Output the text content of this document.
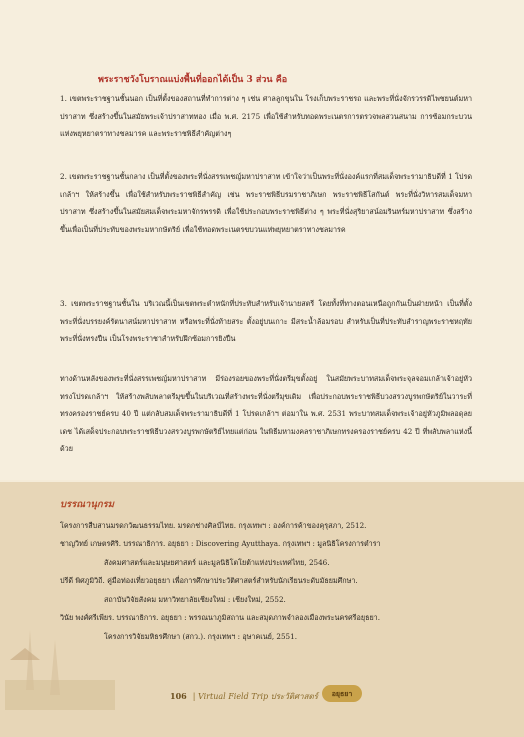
พระราชวังโบราณแบ่งพื้นที่ออกได้เป็น 3 ส่วน คือ

1. เขตพระราชฐานชั้นนอก เป็นที่ตั้งของสถานที่ทำการต่าง ๆ เช่น ศาลลูกขุนใน โรงเก็บพระราชรถ และพระที่นั่งจักรวรรดิไพชยนต์มหาปราสาท ซึ่งสร้างขึ้นในสมัยพระเจ้าปราสาททอง เมื่อ พ.ศ. 2175 เพื่อใช้สำหรับทอดพระเนตรการตรวจพลสวนสนาม การซ้อมกระบวนแห่งพยุหยาตราทางชลมารค และพระราชพิธีสำคัญต่างๆ

2. เขตพระราชฐานชั้นกลาง เป็นที่ตั้งของพระที่นั่งสรรเพชญ์มหาปราสาท เข้าใจว่าเป็นพระที่นั่งองค์แรกที่สมเด็จพระรามาธิบดีที่ 1 โปรดเกล้าฯ ให้สร้างขึ้น เพื่อใช้สำหรับพระราชพิธีสำคัญ เช่น พระราชพิธีบรมราชาภิเษก พระราชพิธีโสกันต์ พระที่นั่งวิหารสมเด็จมหาปราสาท ซึ่งสร้างขึ้นในสมัยสมเด็จพระมหาจักรพรรดิ เพื่อใช้ประกอบพระราชพิธีต่าง ๆ พระที่นั่งสุริยาสน์อมรินทร์มหาปราสาท ซึ่งสร้างขึ้นเพื่อเป็นที่ประทับของพระมหากษัตริย์ เพื่อใช้ทอดพระเนตรขบวนแห่พยุหยาตราทางชลมารค

3. เขตพระราชฐานชั้นใน บริเวณนี้เป็นเขตพระตำหนักที่ประทับสำหรับเจ้านายสตรี โดยทั้งที่ทางตอนเหนือถูกกันเป็นฝ่ายหน้า เป็นที่ตั้งพระที่นั่งบรรยงค์รัตนาสน์มหาปราสาท หรือพระที่นั่งท้ายสระ ตั้งอยู่บนเกาะ มีสระน้ำล้อมรอบ สำหรับเป็นที่ประทับสำราญพระราชหฤทัย พระที่นั่งทรงปืน เป็นโรงพระราชาสำหรับฝึกซ้อมการยิงปืน

ทางด้านหลังของพระที่นั่งสรรเพชญ์มหาปราสาท มีร่องรอยของพระที่นั่งตรีมุขตั้งอยู่ ในสมัยพระบาทสมเด็จพระจุลจอมเกล้าเจ้าอยู่หัว ทรงโปรดเกล้าฯ ให้สร้างพลับพลาตรีมุขขึ้นในบริเวณที่สร้างพระที่นั่งตรีมุขเดิม เพื่อประกอบพระราชพิธีบวงสรวงบูรพกษัตริย์ในวาระที่ทรงครองราชย์ครบ 40 ปี แต่กลับสมเด็จพระรามาธิบดีที่ 1 โปรดเกล้าฯ ต่อมาใน พ.ศ. 2531 พระบาทสมเด็จพระเจ้าอยู่หัวภูมิพลอดุลยเดช ได้เสด็จประกอบพระราชพิธีบวงสรวงบูรพกษัตริย์ไทยแต่ก่อน ในพิธีมหามงคลราชาภิเษกทรงครองราชย์ครบ 42 ปี ที่พลับพลาแห่งนี้ด้วย

บรรณานุกรม

โครงการสืบสานมรดกวัฒนธรรมไทย. มรดกช่างศิลป์ไทย. กรุงเทพฯ : องค์การค้าของคุรุสภา, 2512.

ชาญวิทย์ เกษตรศิริ. บรรณาธิการ. อยุธยา : Discovering Ayutthaya. กรุงเทพฯ : มูลนิธิโครงการตำรา
สังคมศาสตร์และมนุษยศาสตร์ และมูลนิธิโตโยต้าแห่งประเทศไทย, 2546.

ปรีดี พิศภูมิวิถี. คู่มือท่องเที่ยวอยุธยา เพื่อการศึกษาประวัติศาสตร์สำหรับนักเรียนระดับมัธยมศึกษา.
สถาบันวิจัยสังคม มหาวิทยาลัยเชียงใหม่ : เชียงใหม่, 2552.

วินัย พงศ์ศรีเพียร. บรรณาธิการ. อยุธยา : พรรณนาภูมิสถาน และสมุดภาพจำลองเมืองพระนครศรีอยุธยา.
โครงการวิจัยมหิธรศึกษา (สกว.). กรุงเทพฯ : อุษาคเนย์, 2551.

106 | Virtual Field Trip ประวัติศาสตร์	อยุธยา
